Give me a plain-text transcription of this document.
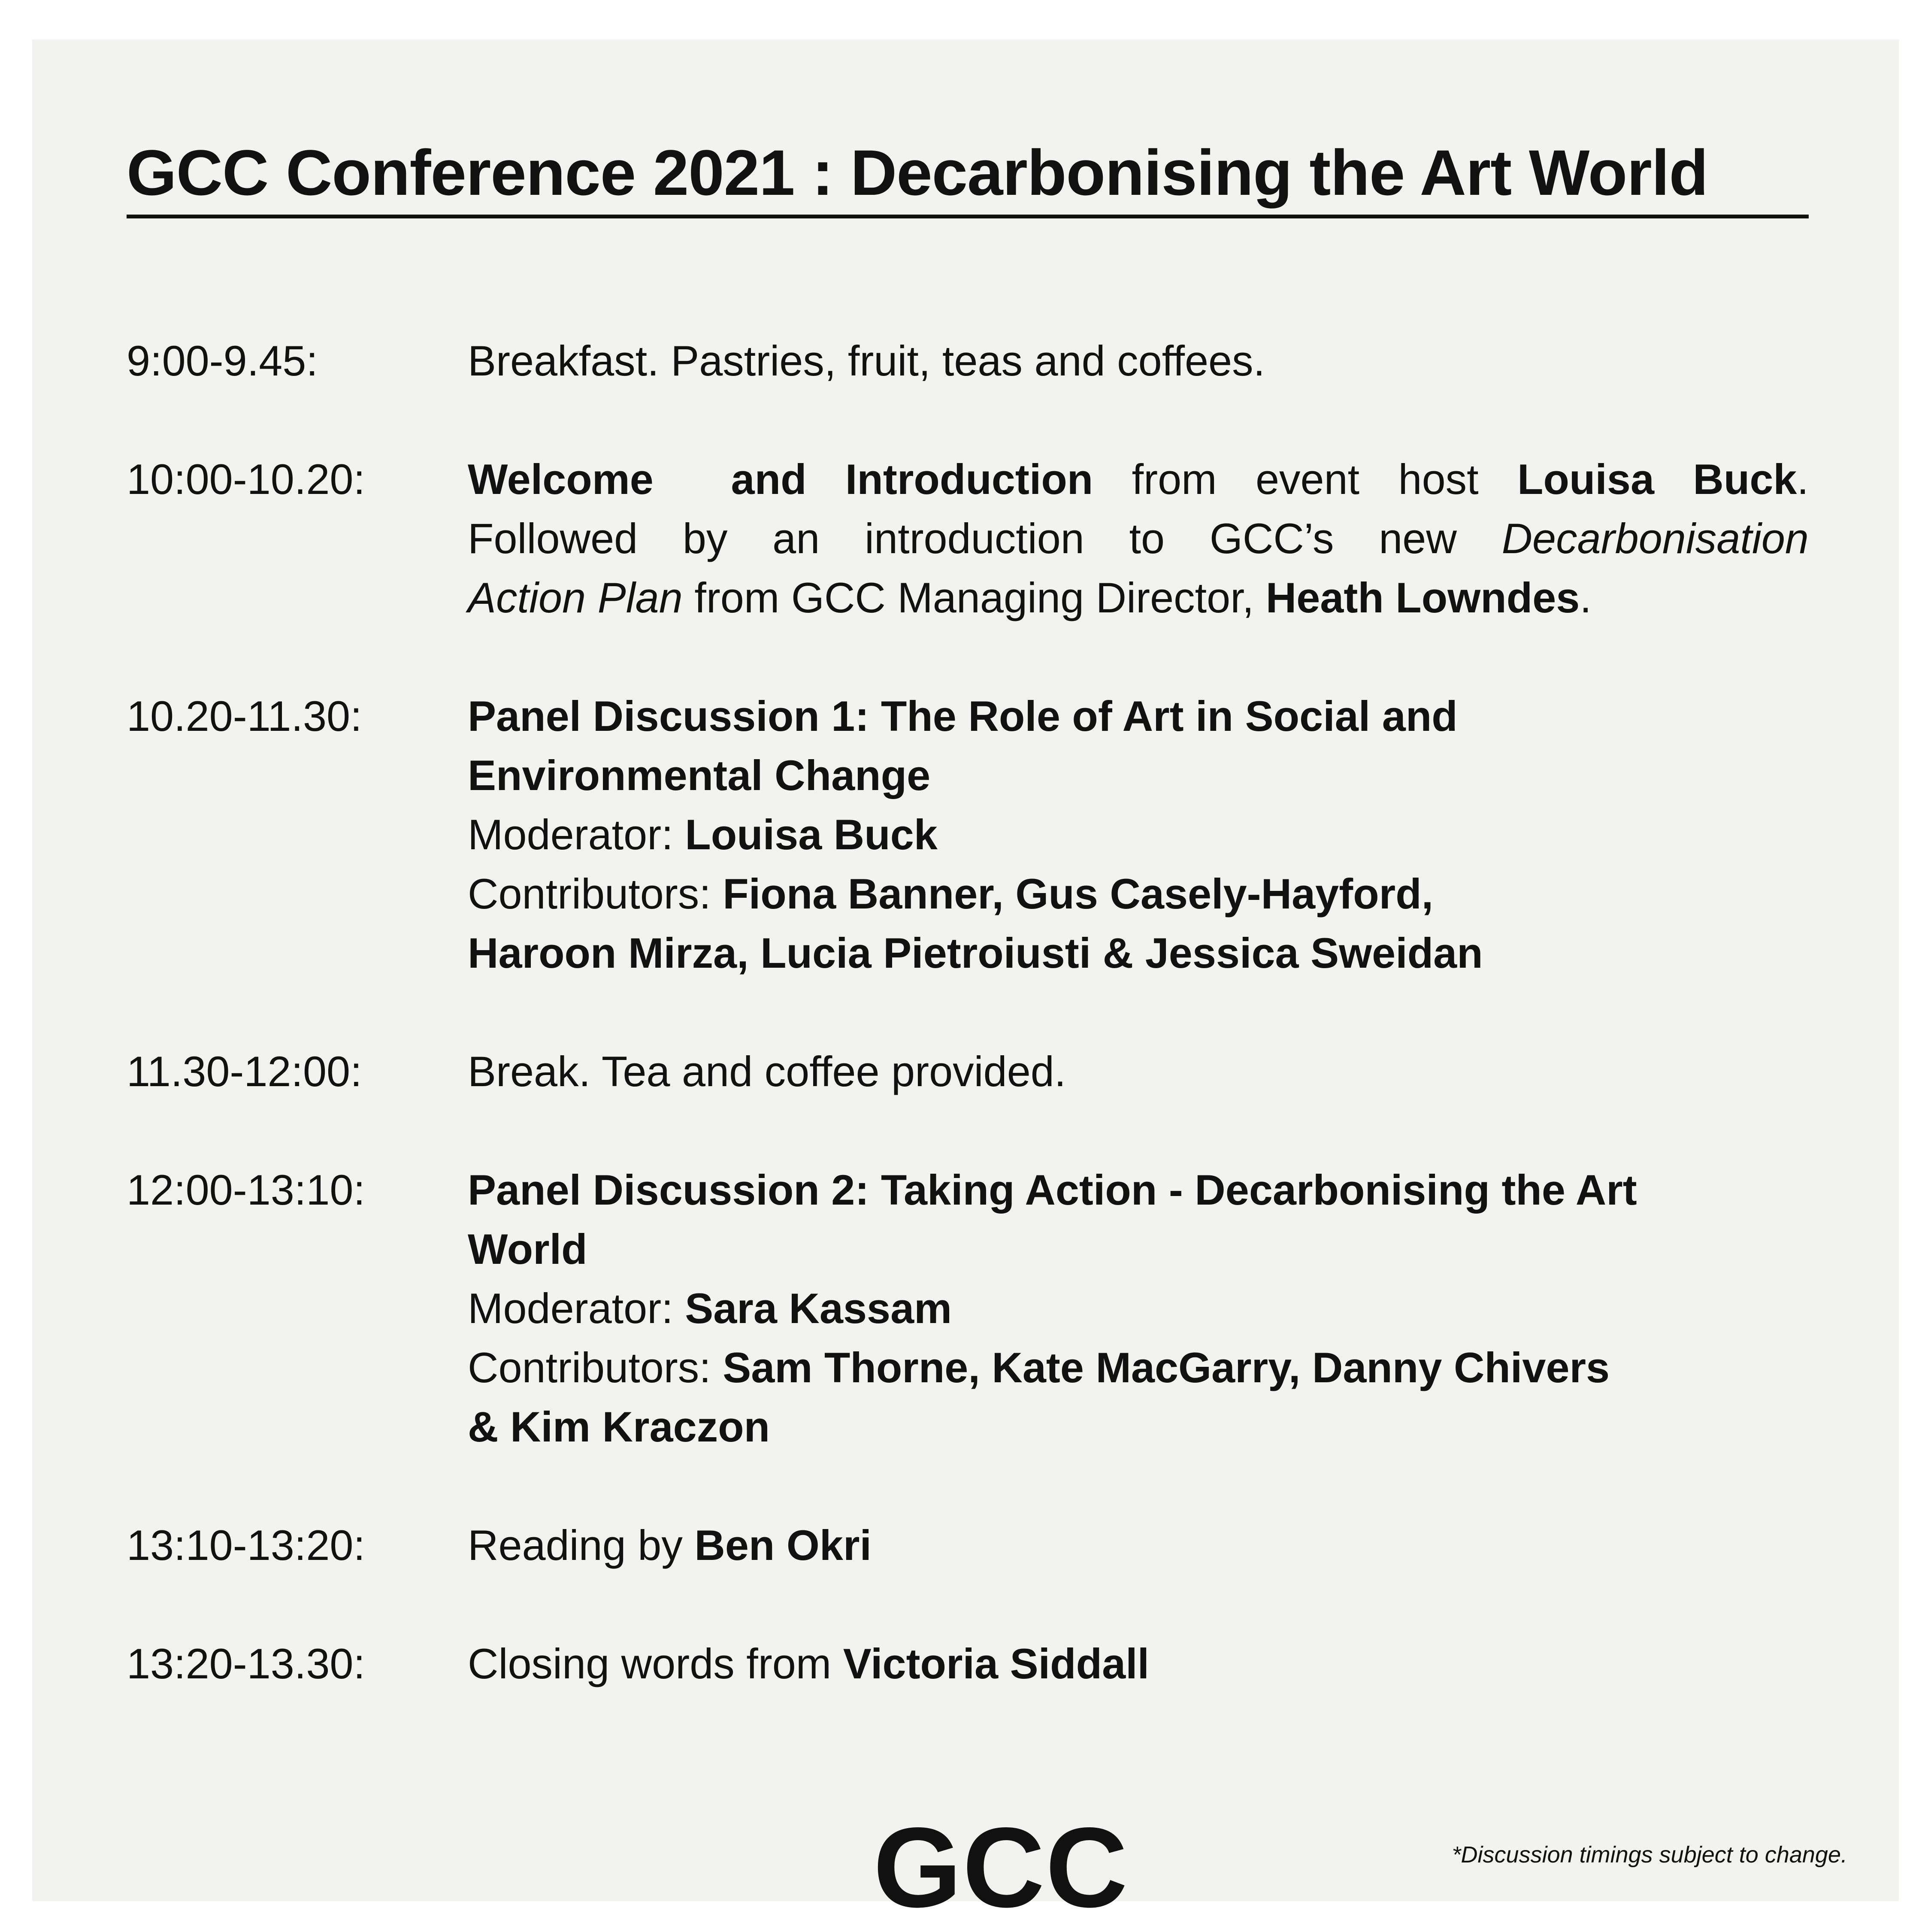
GCC Conference 2021 : Decarbonising the Art World
9:00-9.45:	Breakfast. Pastries, fruit, teas and coffees.
10:00-10.20:	Welcome  and Introduction from event host Louisa Buck.
Followed by an introduction to GCC’s new Decarbonisation
Action Plan from GCC Managing Director, Heath Lowndes.
10.20-11.30:	Panel Discussion 1: The Role of Art in Social and
Environmental Change
Moderator: Louisa Buck
Contributors: Fiona Banner, Gus Casely-Hayford,
Haroon Mirza, Lucia Pietroiusti & Jessica Sweidan
11.30-12:00:	Break. Tea and coffee provided.
12:00-13:10:	Panel Discussion 2: Taking Action - Decarbonising the Art
World
Moderator: Sara Kassam
Contributors: Sam Thorne, Kate MacGarry, Danny Chivers
& Kim Kraczon
13:10-13:20:	Reading by Ben Okri
13:20-13.30:	Closing words from Victoria Siddall
GCC	*Discussion timings subject to change.
